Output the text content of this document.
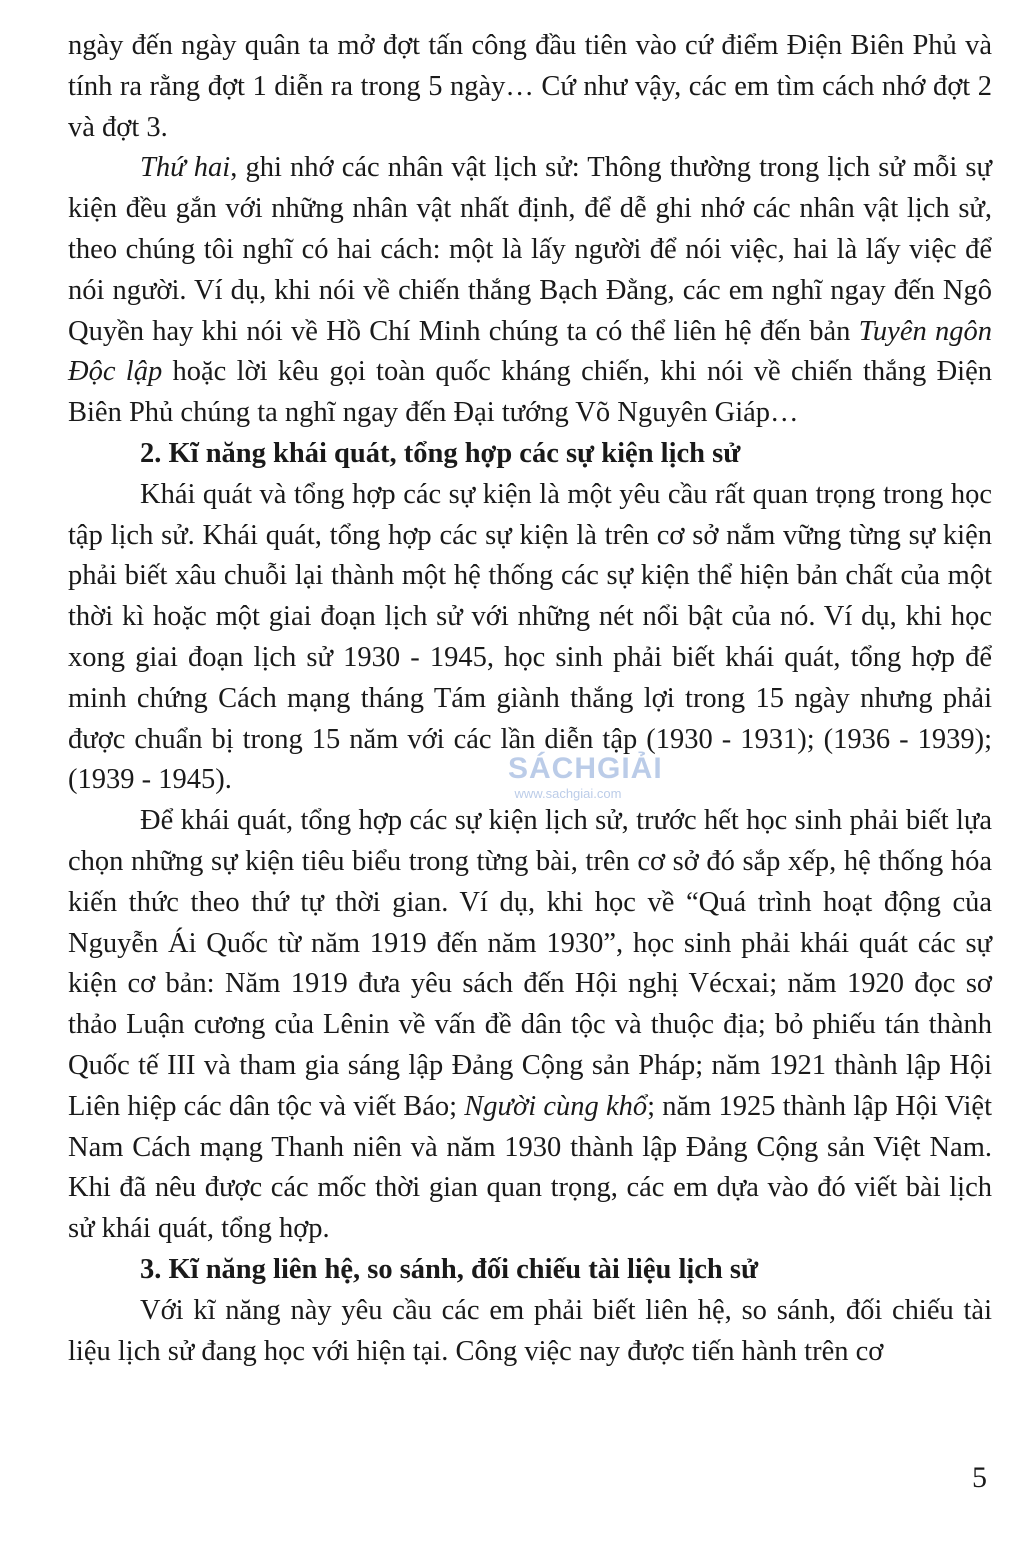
ngày đến ngày quân ta mở đợt tấn công đầu tiên vào cứ điểm Điện Biên Phủ và tính ra rằng đợt 1 diễn ra trong 5 ngày… Cứ như vậy, các em tìm cách nhớ đợt 2 và đợt 3.

Thứ hai, ghi nhớ các nhân vật lịch sử: Thông thường trong lịch sử mỗi sự kiện đều gắn với những nhân vật nhất định, để dễ ghi nhớ các nhân vật lịch sử, theo chúng tôi nghĩ có hai cách: một là lấy người để nói việc, hai là lấy việc để nói người. Ví dụ, khi nói về chiến thắng Bạch Đằng, các em nghĩ ngay đến Ngô Quyền hay khi nói về Hồ Chí Minh chúng ta có thể liên hệ đến bản Tuyên ngôn Độc lập hoặc lời kêu gọi toàn quốc kháng chiến, khi nói về chiến thắng Điện Biên Phủ chúng ta nghĩ ngay đến Đại tướng Võ Nguyên Giáp…

2. Kĩ năng khái quát, tổng hợp các sự kiện lịch sử

Khái quát và tổng hợp các sự kiện là một yêu cầu rất quan trọng trong học tập lịch sử. Khái quát, tổng hợp các sự kiện là trên cơ sở nắm vững từng sự kiện phải biết xâu chuỗi lại thành một hệ thống các sự kiện thể hiện bản chất của một thời kì hoặc một giai đoạn lịch sử với những nét nổi bật của nó. Ví dụ, khi học xong giai đoạn lịch sử 1930 - 1945, học sinh phải biết khái quát, tổng hợp để minh chứng Cách mạng tháng Tám giành thắng lợi trong 15 ngày nhưng phải được chuẩn bị trong 15 năm với các lần diễn tập (1930 - 1931); (1936 - 1939); (1939 - 1945).

Để khái quát, tổng hợp các sự kiện lịch sử, trước hết học sinh phải biết lựa chọn những sự kiện tiêu biểu trong từng bài, trên cơ sở đó sắp xếp, hệ thống hóa kiến thức theo thứ tự thời gian. Ví dụ, khi học về “Quá trình hoạt động của Nguyễn Ái Quốc từ năm 1919 đến năm 1930”, học sinh phải khái quát các sự kiện cơ bản: Năm 1919 đưa yêu sách đến Hội nghị Vécxai; năm 1920 đọc sơ thảo Luận cương của Lênin về vấn đề dân tộc và thuộc địa; bỏ phiếu tán thành Quốc tế III và tham gia sáng lập Đảng Cộng sản Pháp; năm 1921 thành lập Hội Liên hiệp các dân tộc và viết Báo; Người cùng khổ; năm 1925 thành lập Hội Việt Nam Cách mạng Thanh niên và năm 1930 thành lập Đảng Cộng sản Việt Nam. Khi đã nêu được các mốc thời gian quan trọng, các em dựa vào đó viết bài lịch sử khái quát, tổng hợp.

3. Kĩ năng liên hệ, so sánh, đối chiếu tài liệu lịch sử

Với kĩ năng này yêu cầu các em phải biết liên hệ, so sánh, đối chiếu tài liệu lịch sử đang học với hiện tại. Công việc nay được tiến hành trên cơ

SÁCHGIẢI
www.sachgiai.com
5
